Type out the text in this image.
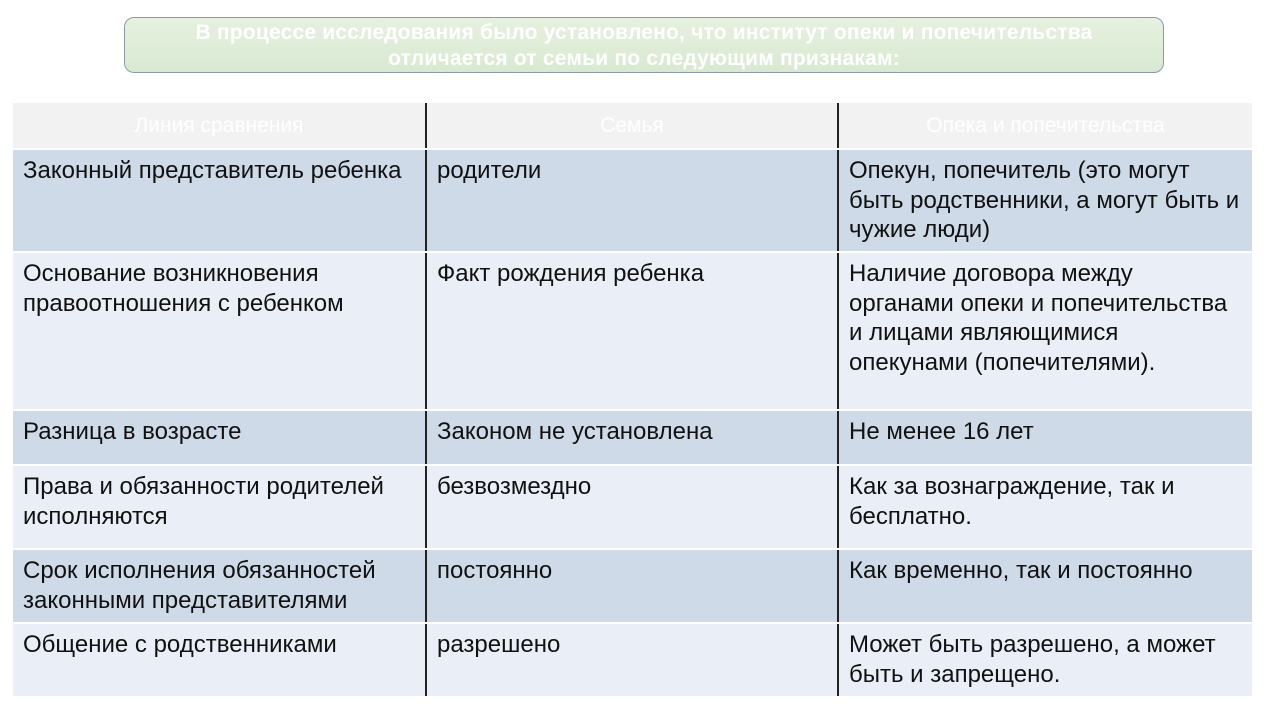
В процессе исследования было установлено, что институт опеки и попечительства
отличается от семьи по следующим признакам:
Линия сравнения	Семья	Опека и попечительства
Законный представитель ребенка	родители	Опекун, попечитель (это могут быть родственники, а могут быть и чужие люди)
Основание возникновения правоотношения с ребенком	Факт рождения ребенка	Наличие договора между органами опеки и попечительства и лицами являющимися опекунами (попечителями).
Разница в возрасте	Законом не установлена	Не менее 16 лет
Права и обязанности родителей исполняются	безвозмездно	Как за вознаграждение, так и бесплатно.
Срок исполнения обязанностей законными представителями	постоянно	Как временно, так и постоянно
Общение с родственниками	разрешено	Может быть разрешено, а может быть и запрещено.
